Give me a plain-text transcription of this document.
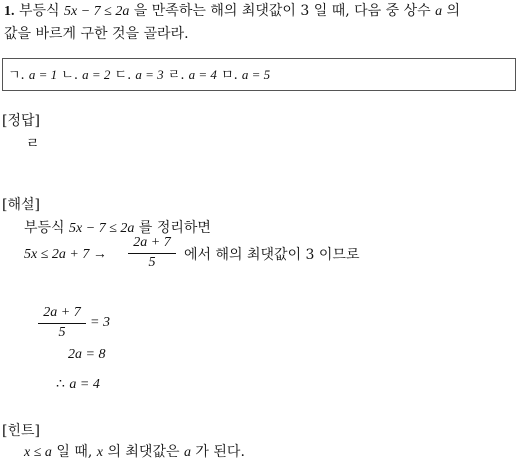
1. 부등식 5x − 7 ≤ 2a 을 만족하는 해의 최댓값이 3 일 때, 다음 중 상수 a 의
값을 바르게 구한 것을 골라라.
ㄱ. a = 1 ㄴ. a = 2 ㄷ. a = 3 ㄹ. a = 4 ㅁ. a = 5
[정답]
ㄹ
[해설]
부등식 5x − 7 ≤ 2a 를 정리하면
5x ≤ 2a + 7 →
2a + 7
5	에서 해의 최댓값이 3 이므로
2a + 7
5
= 3
2a = 8
∴ a = 4
[힌트]
x ≤ a 일 때, x 의 최댓값은 a 가 된다.
